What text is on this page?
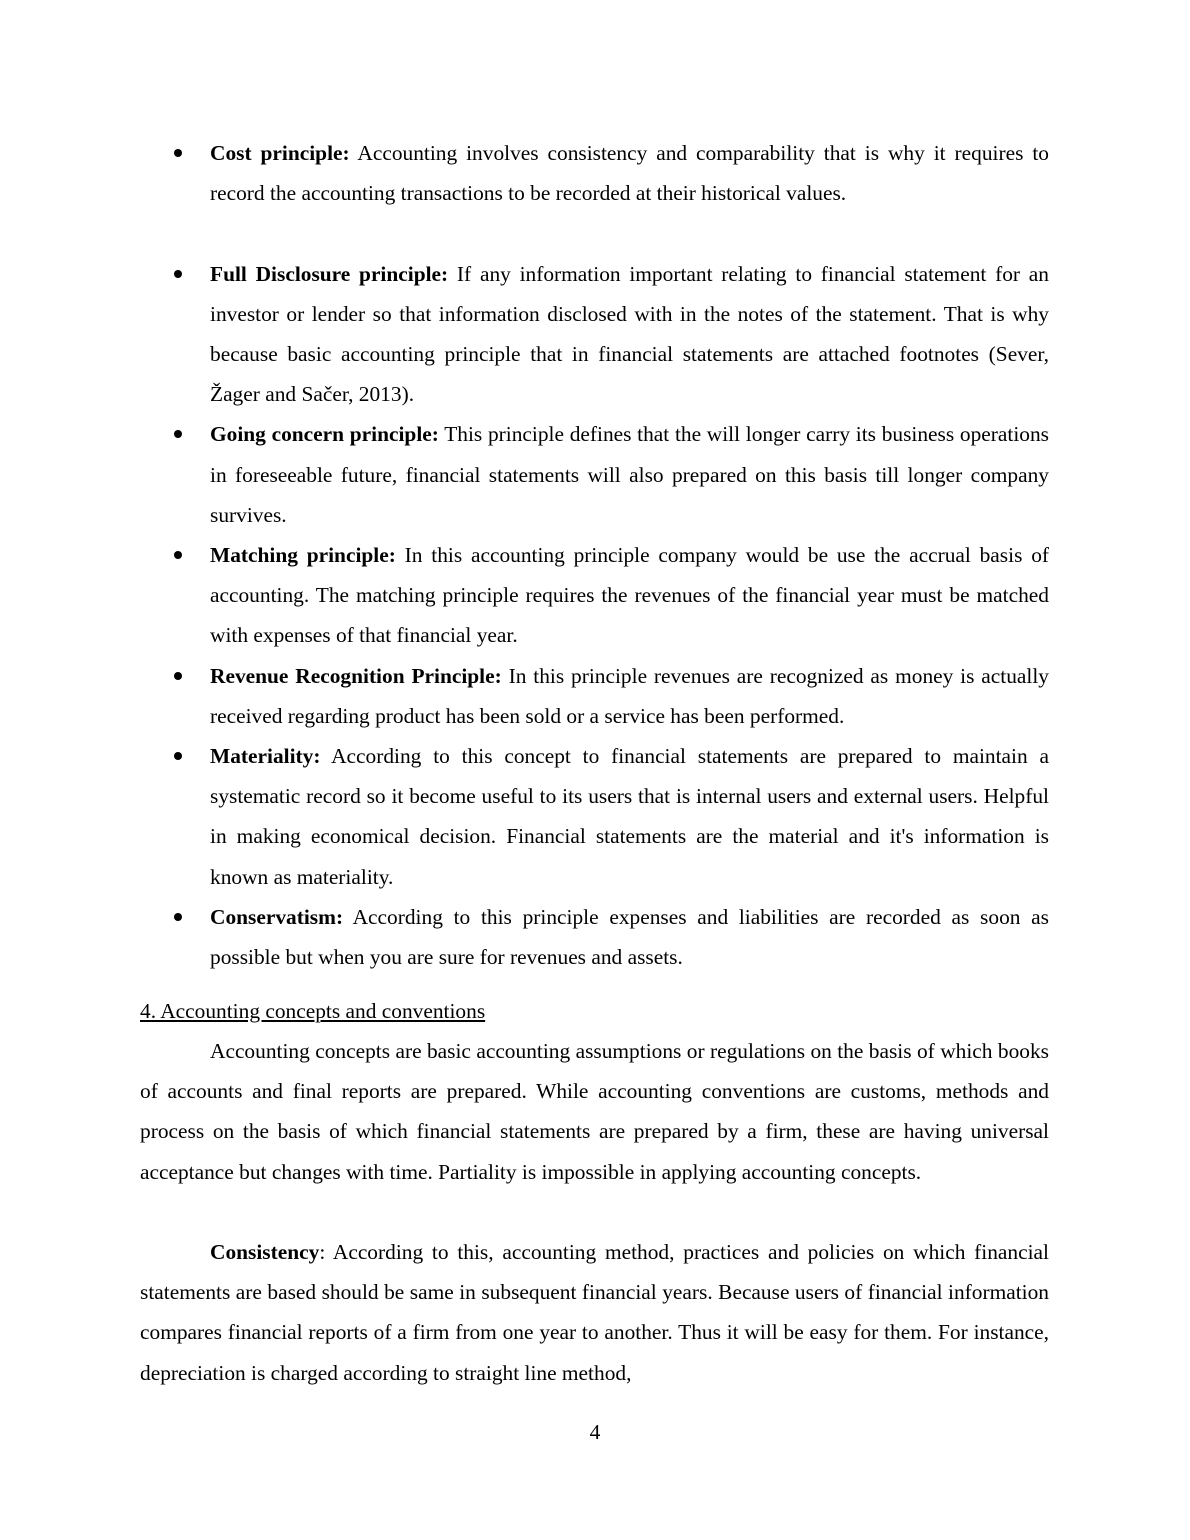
Cost principle: Accounting involves consistency and comparability that is why it requires to record the accounting transactions to be recorded at their historical values.
Full Disclosure principle: If any information important relating to financial statement for an investor or lender so that information disclosed with in the notes of the statement. That is why because basic accounting principle that in financial statements are attached footnotes (Sever, Žager and Sačer, 2013).
Going concern principle: This principle defines that the will longer carry its business operations in foreseeable future, financial statements will also prepared on this basis till longer company survives.
Matching principle: In this accounting principle company would be use the accrual basis of accounting. The matching principle requires the revenues of the financial year must be matched with expenses of that financial year.
Revenue Recognition Principle: In this principle revenues are recognized as money is actually received regarding product has been sold or a service has been performed.
Materiality: According to this concept to financial statements are prepared to maintain a systematic record so it become useful to its users that is internal users and external users. Helpful in making economical decision. Financial statements are the material and it's information is known as materiality.
Conservatism: According to this principle expenses and liabilities are recorded as soon as possible but when you are sure for revenues and assets.
4. Accounting concepts and conventions

Accounting concepts are basic accounting assumptions or regulations on the basis of which books of accounts and final reports are prepared. While accounting conventions are customs, methods and process on the basis of which financial statements are prepared by a firm, these are having universal acceptance but changes with time. Partiality is impossible in applying accounting concepts.

Consistency: According to this, accounting method, practices and policies on which financial statements are based should be same in subsequent financial years. Because users of financial information compares financial reports of a firm from one year to another. Thus it will be easy for them. For instance, depreciation is charged according to straight line method,

4
